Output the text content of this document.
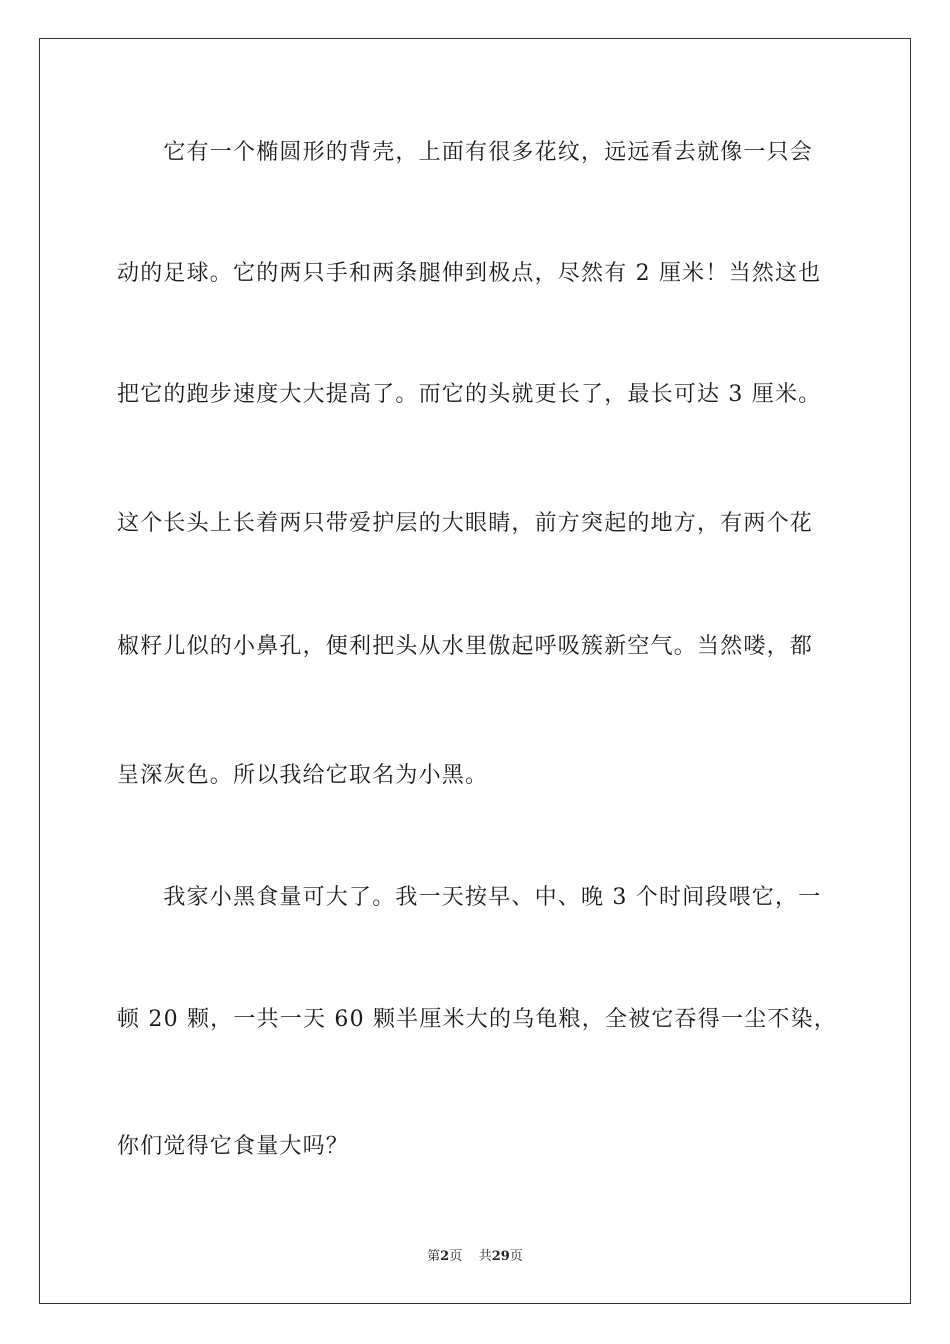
　　它有一个椭圆形的背壳，上面有很多花纹，远远看去就像一只会
动的足球。它的两只手和两条腿伸到极点，尽然有 2 厘米！当然这也
把它的跑步速度大大提高了。而它的头就更长了，最长可达 3 厘米。
这个长头上长着两只带爱护层的大眼睛，前方突起的地方，有两个花
椒籽儿似的小鼻孔，便利把头从水里傲起呼吸簇新空气。当然喽，都
呈深灰色。所以我给它取名为小黑。
　　我家小黑食量可大了。我一天按早、中、晚 3 个时间段喂它，一
顿 20 颗，一共一天 60 颗半厘米大的乌龟粮，全被它吞得一尘不染，
你们觉得它食量大吗？
第2页 共29页
